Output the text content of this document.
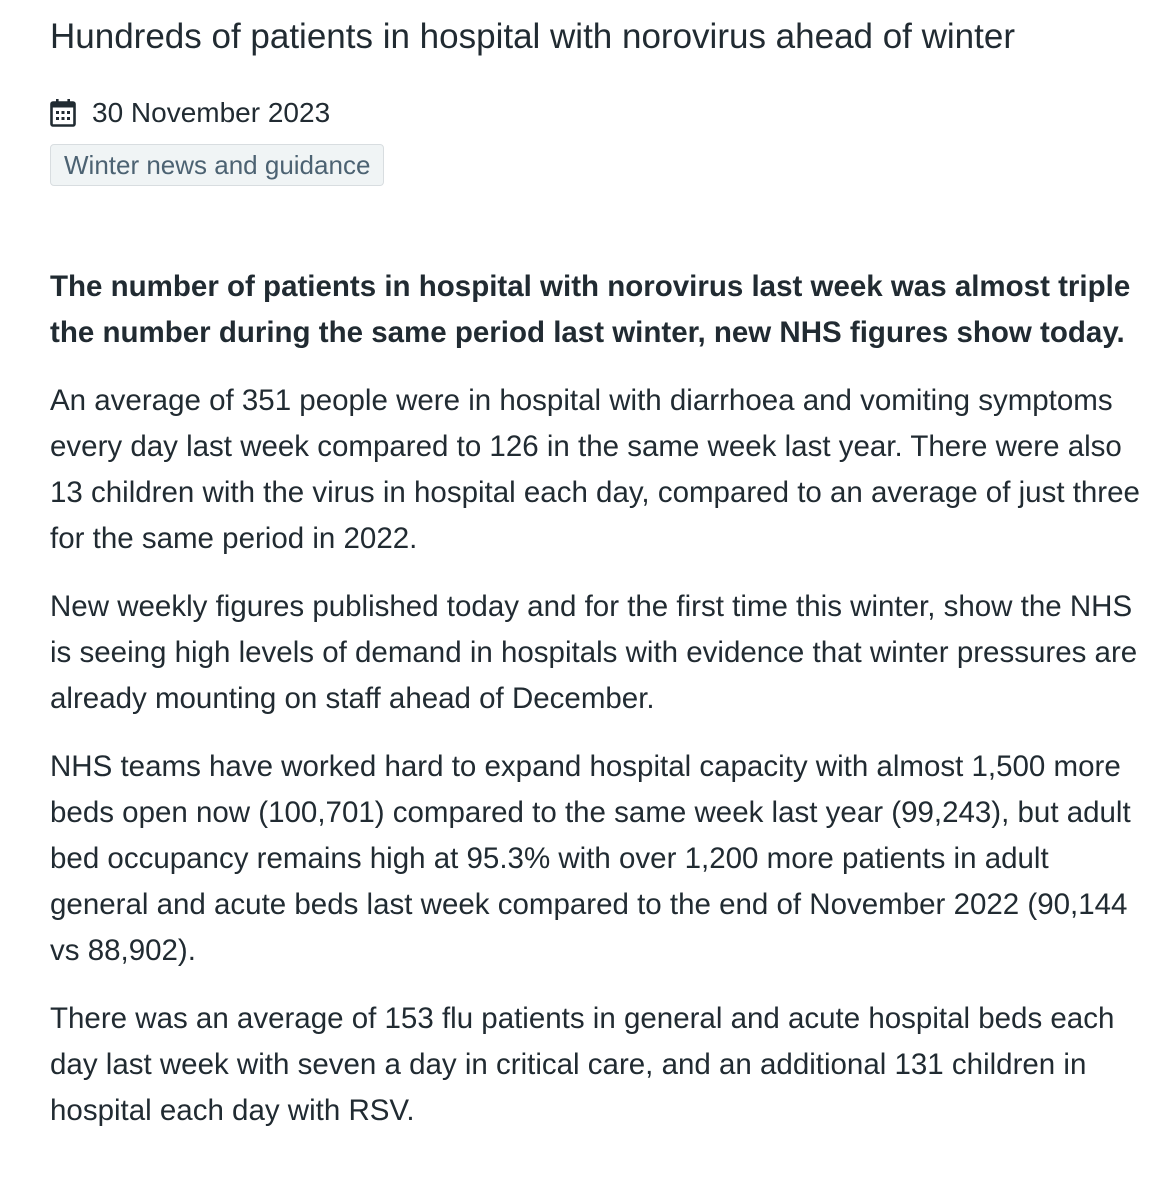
Hundreds of patients in hospital with norovirus ahead of winter
30 November 2023
Winter news and guidance

The number of patients in hospital with norovirus last week was almost triple the number during the same period last winter, new NHS figures show today.

An average of 351 people were in hospital with diarrhoea and vomiting symptoms every day last week compared to 126 in the same week last year. There were also 13 children with the virus in hospital each day, compared to an average of just three for the same period in 2022.

New weekly figures published today and for the first time this winter, show the NHS is seeing high levels of demand in hospitals with evidence that winter pressures are already mounting on staff ahead of December.

NHS teams have worked hard to expand hospital capacity with almost 1,500 more beds open now (100,701) compared to the same week last year (99,243), but adult bed occupancy remains high at 95.3% with over 1,200 more patients in adult general and acute beds last week compared to the end of November 2022 (90,144 vs 88,902).

There was an average of 153 flu patients in general and acute hospital beds each day last week with seven a day in critical care, and an additional 131 children in hospital each day with RSV.
